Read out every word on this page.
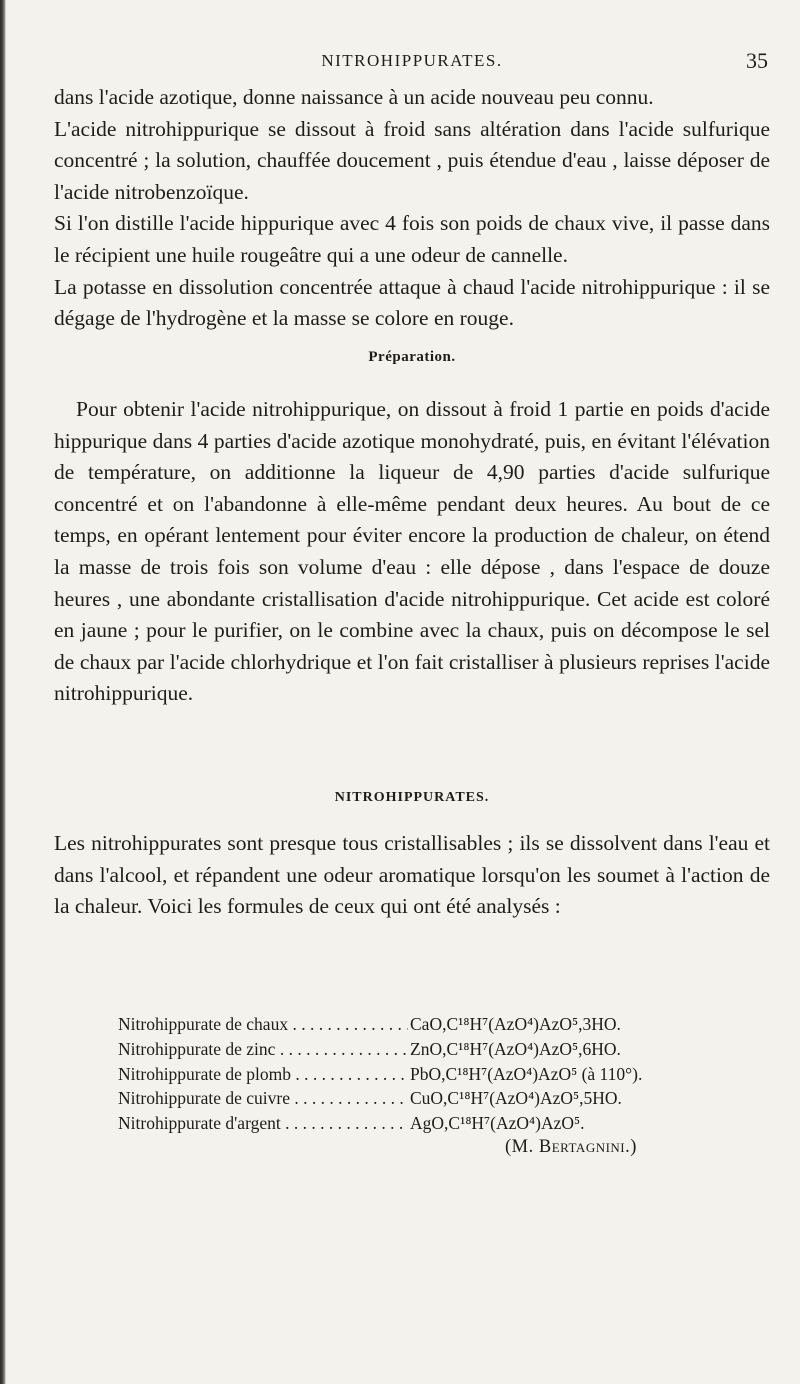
NITROHIPPURATES.	35

dans l'acide azotique, donne naissance à un acide nouveau peu connu.

L'acide nitrohippurique se dissout à froid sans altération dans l'acide sulfurique concentré ; la solution, chauffée doucement , puis étendue d'eau , laisse déposer de l'acide nitrobenzoïque.

Si l'on distille l'acide hippurique avec 4 fois son poids de chaux vive, il passe dans le récipient une huile rougeâtre qui a une odeur de cannelle.

La potasse en dissolution concentrée attaque à chaud l'acide nitrohippurique : il se dégage de l'hydrogène et la masse se colore en rouge.

Préparation.

Pour obtenir l'acide nitrohippurique, on dissout à froid 1 partie en poids d'acide hippurique dans 4 parties d'acide azotique monohydraté, puis, en évitant l'élévation de température, on additionne la liqueur de 4,90 parties d'acide sulfurique concentré et on l'abandonne à elle-même pendant deux heures. Au bout de ce temps, en opérant lentement pour éviter encore la production de chaleur, on étend la masse de trois fois son volume d'eau : elle dépose , dans l'espace de douze heures , une abondante cristallisation d'acide nitrohippurique. Cet acide est coloré en jaune ; pour le purifier, on le combine avec la chaux, puis on décompose le sel de chaux par l'acide chlorhydrique et l'on fait cristalliser à plusieurs reprises l'acide nitrohippurique.

NITROHIPPURATES.

Les nitrohippurates sont presque tous cristallisables ; ils se dissolvent dans l'eau et dans l'alcool, et répandent une odeur aromatique lorsqu'on les soumet à l'action de la chaleur. Voici les formules de ceux qui ont été analysés :

Nitrohippurate de chaux . . .	CaO,C¹⁸H⁷(AzO⁴)AzO⁵,3HO.
Nitrohippurate de zinc . . .	ZnO,C¹⁸H⁷(AzO⁴)AzO⁵,6HO.
Nitrohippurate de plomb . . .	PbO,C¹⁸H⁷(AzO⁴)AzO⁵ (à 110°).
Nitrohippurate de cuivre . . .	CuO,C¹⁸H⁷(AzO⁴)AzO⁵,5HO.
Nitrohippurate d'argent . . .	AgO,C¹⁸H⁷(AzO⁴)AzO⁵.
(M. Bertagnini.)
